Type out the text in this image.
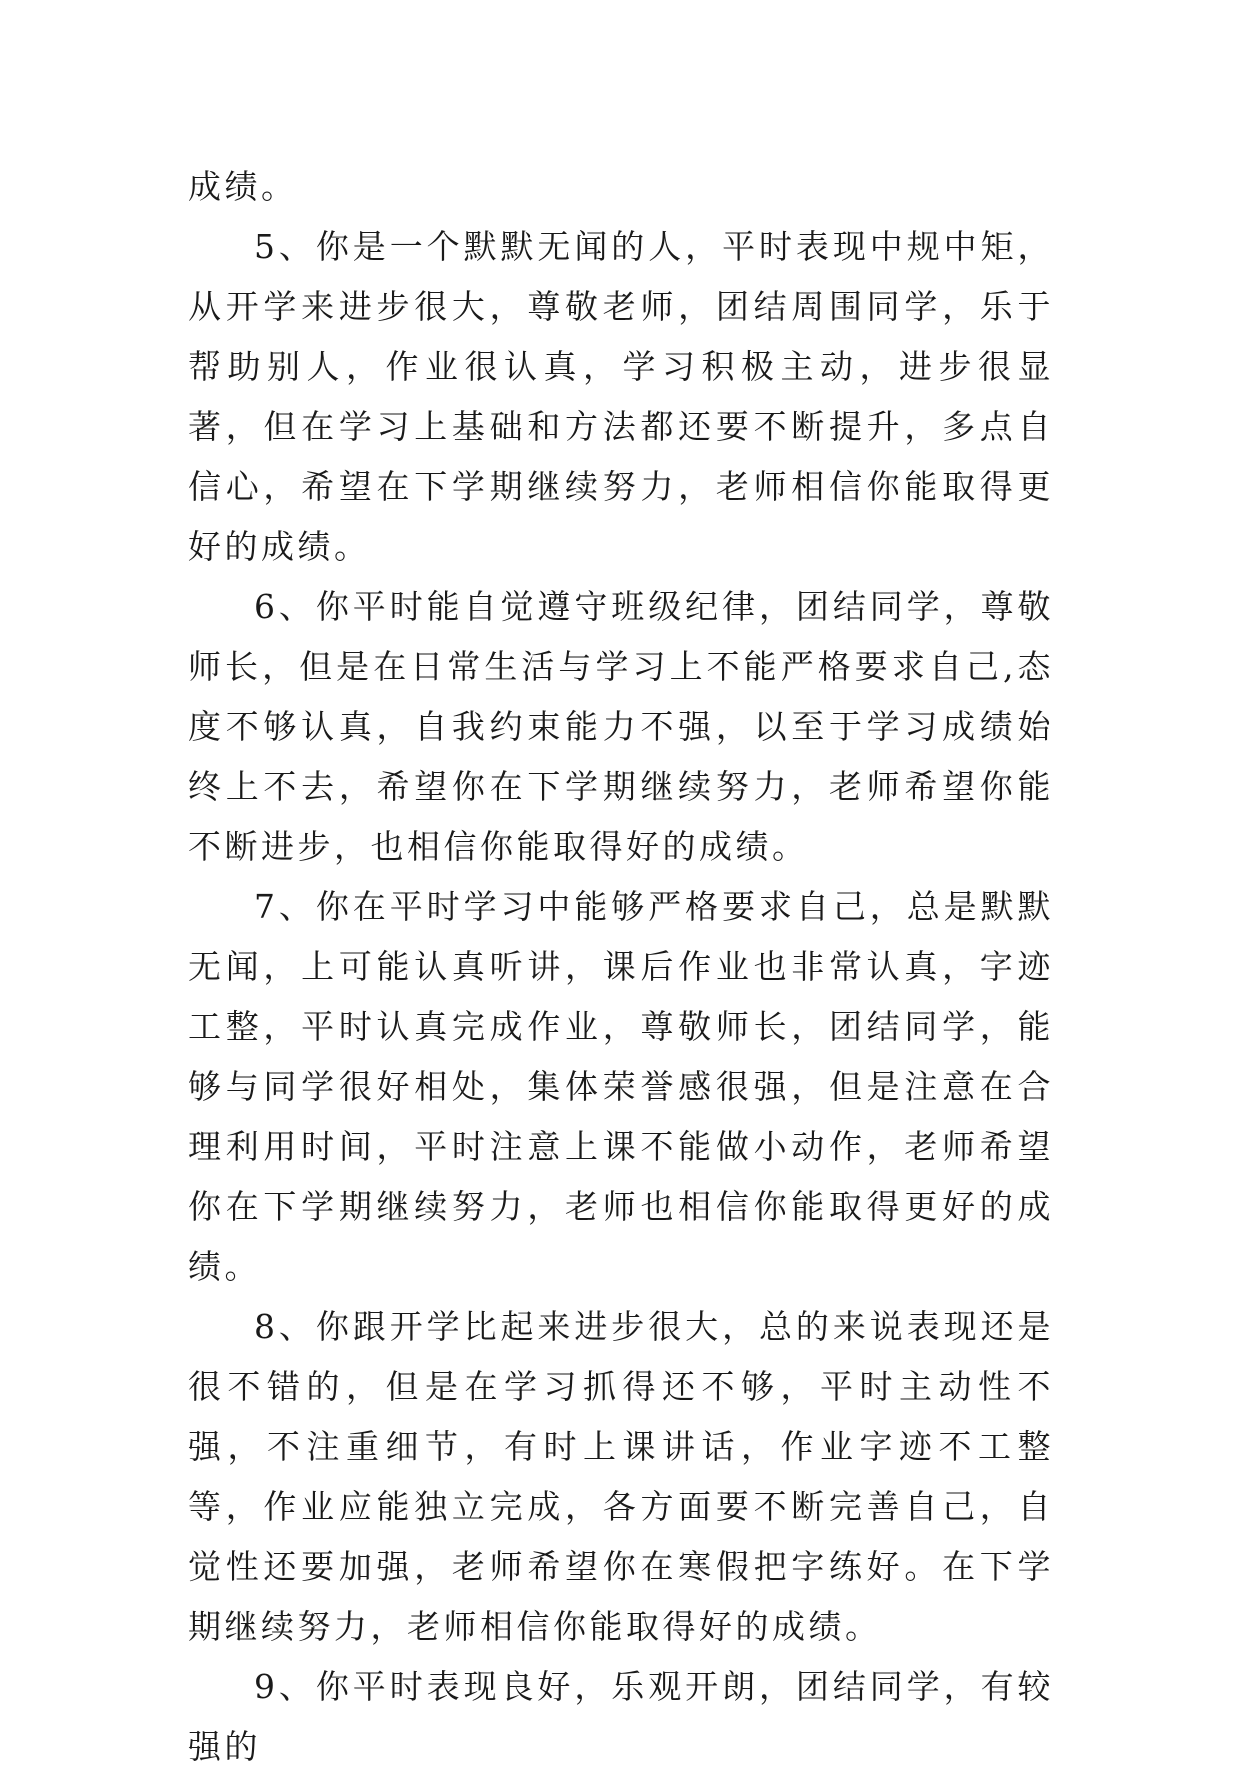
成绩。

5、你是一个默默无闻的人，平时表现中规中矩，从开学来进步很大，尊敬老师，团结周围同学，乐于帮助别人，作业很认真，学习积极主动，进步很显著，但在学习上基础和方法都还要不断提升，多点自信心，希望在下学期继续努力，老师相信你能取得更好的成绩。

6、你平时能自觉遵守班级纪律，团结同学，尊敬师长，但是在日常生活与学习上不能严格要求自己,态度不够认真，自我约束能力不强，以至于学习成绩始终上不去，希望你在下学期继续努力，老师希望你能不断进步，也相信你能取得好的成绩。

7、你在平时学习中能够严格要求自己，总是默默无闻，上可能认真听讲，课后作业也非常认真，字迹工整，平时认真完成作业，尊敬师长，团结同学，能够与同学很好相处，集体荣誉感很强，但是注意在合理利用时间，平时注意上课不能做小动作，老师希望你在下学期继续努力，老师也相信你能取得更好的成绩。

8、你跟开学比起来进步很大，总的来说表现还是很不错的，但是在学习抓得还不够，平时主动性不强，不注重细节，有时上课讲话，作业字迹不工整等，作业应能独立完成，各方面要不断完善自己，自觉性还要加强，老师希望你在寒假把字练好。在下学期继续努力，老师相信你能取得好的成绩。

9、你平时表现良好，乐观开朗，团结同学，有较强的
